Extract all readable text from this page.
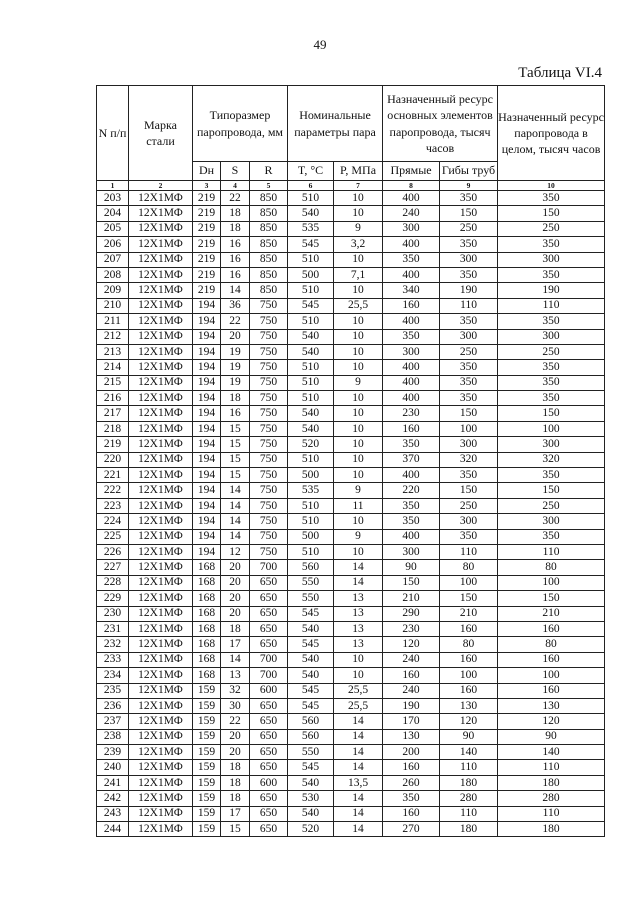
49
Таблица VI.4
N п/п	Марка стали	Типоразмер паропровода, мм			Номинальные параметры пара		Назначенный ресурс основных элементов паропровода, тысяч часов		Назначенный ресурс паропровода в целом, тысяч часов
		Dн	S	R	T, °C	P, MПа	Прямые	Гибы труб	
1	2	3	4	5	6	7	8	9	10
203	12Х1МФ	219	22	850	510	10	400	350	350
204	12Х1МФ	219	18	850	540	10	240	150	150
205	12Х1МФ	219	18	850	535	9	300	250	250
206	12Х1МФ	219	16	850	545	3,2	400	350	350
207	12Х1МФ	219	16	850	510	10	350	300	300
208	12Х1МФ	219	16	850	500	7,1	400	350	350
209	12Х1МФ	219	14	850	510	10	340	190	190
210	12Х1МФ	194	36	750	545	25,5	160	110	110
211	12Х1МФ	194	22	750	510	10	400	350	350
212	12Х1МФ	194	20	750	540	10	350	300	300
213	12Х1МФ	194	19	750	540	10	300	250	250
214	12Х1МФ	194	19	750	510	10	400	350	350
215	12Х1МФ	194	19	750	510	9	400	350	350
216	12Х1МФ	194	18	750	510	10	400	350	350
217	12Х1МФ	194	16	750	540	10	230	150	150
218	12Х1МФ	194	15	750	540	10	160	100	100
219	12Х1МФ	194	15	750	520	10	350	300	300
220	12Х1МФ	194	15	750	510	10	370	320	320
221	12Х1МФ	194	15	750	500	10	400	350	350
222	12Х1МФ	194	14	750	535	9	220	150	150
223	12Х1МФ	194	14	750	510	11	350	250	250
224	12Х1МФ	194	14	750	510	10	350	300	300
225	12Х1МФ	194	14	750	500	9	400	350	350
226	12Х1МФ	194	12	750	510	10	300	110	110
227	12Х1МФ	168	20	700	560	14	90	80	80
228	12Х1МФ	168	20	650	550	14	150	100	100
229	12Х1МФ	168	20	650	550	13	210	150	150
230	12Х1МФ	168	20	650	545	13	290	210	210
231	12Х1МФ	168	18	650	540	13	230	160	160
232	12Х1МФ	168	17	650	545	13	120	80	80
233	12Х1МФ	168	14	700	540	10	240	160	160
234	12Х1МФ	168	13	700	540	10	160	100	100
235	12Х1МФ	159	32	600	545	25,5	240	160	160
236	12Х1МФ	159	30	650	545	25,5	190	130	130
237	12Х1МФ	159	22	650	560	14	170	120	120
238	12Х1МФ	159	20	650	560	14	130	90	90
239	12Х1МФ	159	20	650	550	14	200	140	140
240	12Х1МФ	159	18	650	545	14	160	110	110
241	12Х1МФ	159	18	600	540	13,5	260	180	180
242	12Х1МФ	159	18	650	530	14	350	280	280
243	12Х1МФ	159	17	650	540	14	160	110	110
244	12Х1МФ	159	15	650	520	14	270	180	180
